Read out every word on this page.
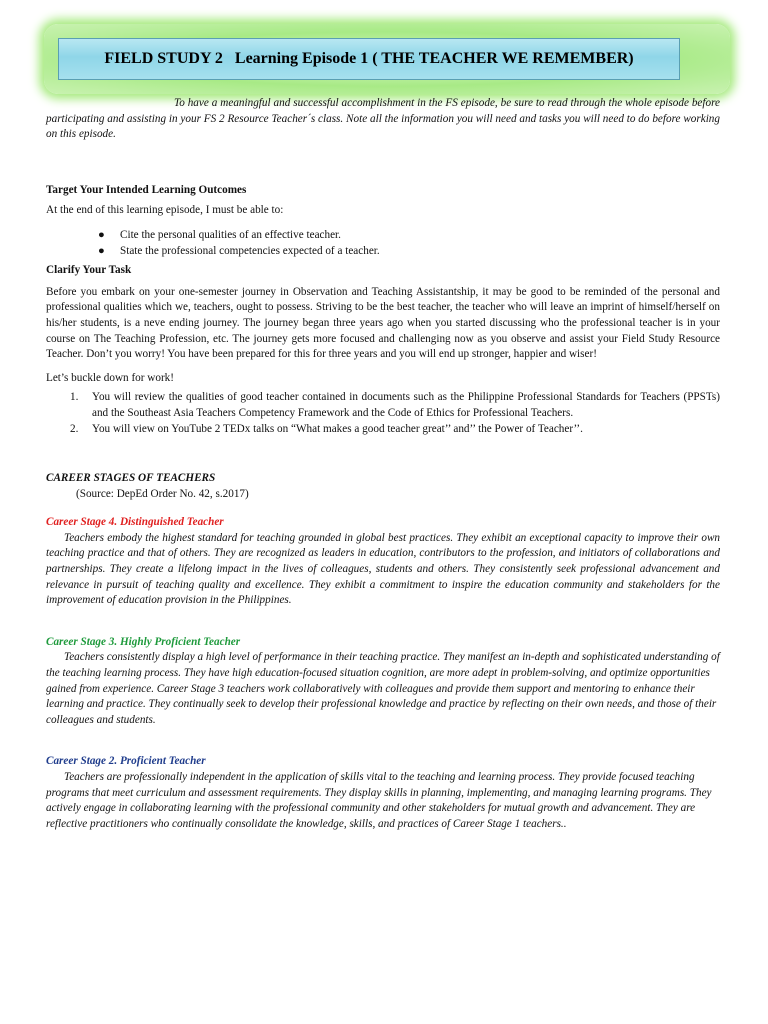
FIELD STUDY 2   Learning Episode 1 ( THE TEACHER WE REMEMBER)

To have a meaningful and successful accomplishment in the FS episode, be sure to read through the whole episode before participating and assisting in your FS 2 Resource Teacher´s class. Note all the information you will need and tasks you will need to do before working on this episode.

Target Your Intended Learning Outcomes

At the end of this learning episode, I must be able to:

● Cite the personal qualities of an effective teacher.
● State the professional competencies expected of a teacher.

Clarify Your Task

Before you embark on your one-semester journey in Observation and Teaching Assistantship, it may be good to be reminded of the personal and professional qualities which we, teachers, ought to possess. Striving to be the best teacher, the teacher who will leave an imprint of himself/herself on his/her students, is a neve ending journey. The journey began three years ago when you started discussing who the professional teacher is in your course on The Teaching Profession, etc. The journey gets more focused and challenging now as you observe and assist your Field Study Resource Teacher. Don’t you worry! You have been prepared for this for three years and you will end up stronger, happier and wiser!

Let’s buckle down for work!

1. You will review the qualities of good teacher contained in documents such as the Philippine Professional Standards for Teachers (PPSTs) and the Southeast Asia Teachers Competency Framework and the Code of Ethics for Professional Teachers.
2. You will view on YouTube 2 TEDx talks on “What makes a good teacher great’’ and’’ the Power of Teacher’’.

CAREER STAGES OF TEACHERS

(Source: DepEd Order No. 42, s.2017)

Career Stage 4. Distinguished Teacher

Teachers embody the highest standard for teaching grounded in global best practices. They exhibit an exceptional capacity to improve their own teaching practice and that of others. They are recognized as leaders in education, contributors to the profession, and initiators of collaborations and partnerships. They create a lifelong impact in the lives of colleagues, students and others. They consistently seek professional advancement and relevance in pursuit of teaching quality and excellence. They exhibit a commitment to inspire the education community and stakeholders for the improvement of education provision in the Philippines.

Career Stage 3. Highly Proficient Teacher

Teachers consistently display a high level of performance in their teaching practice. They manifest an in-depth and sophisticated understanding of the teaching learning process. They have high education-focused situation cognition, are more adept in problem-solving, and optimize opportunities gained from experience. Career Stage 3 teachers work collaboratively with colleagues and provide them support and mentoring to enhance their learning and practice. They continually seek to develop their professional knowledge and practice by reflecting on their own needs, and those of their colleagues and students.

Career Stage 2. Proficient Teacher

Teachers are professionally independent in the application of skills vital to the teaching and learning process. They provide focused teaching programs that meet curriculum and assessment requirements. They display skills in planning, implementing, and managing learning programs. They actively engage in collaborating learning with the professional community and other stakeholders for mutual growth and advancement. They are reflective practitioners who continually consolidate the knowledge, skills, and practices of Career Stage 1 teachers..
